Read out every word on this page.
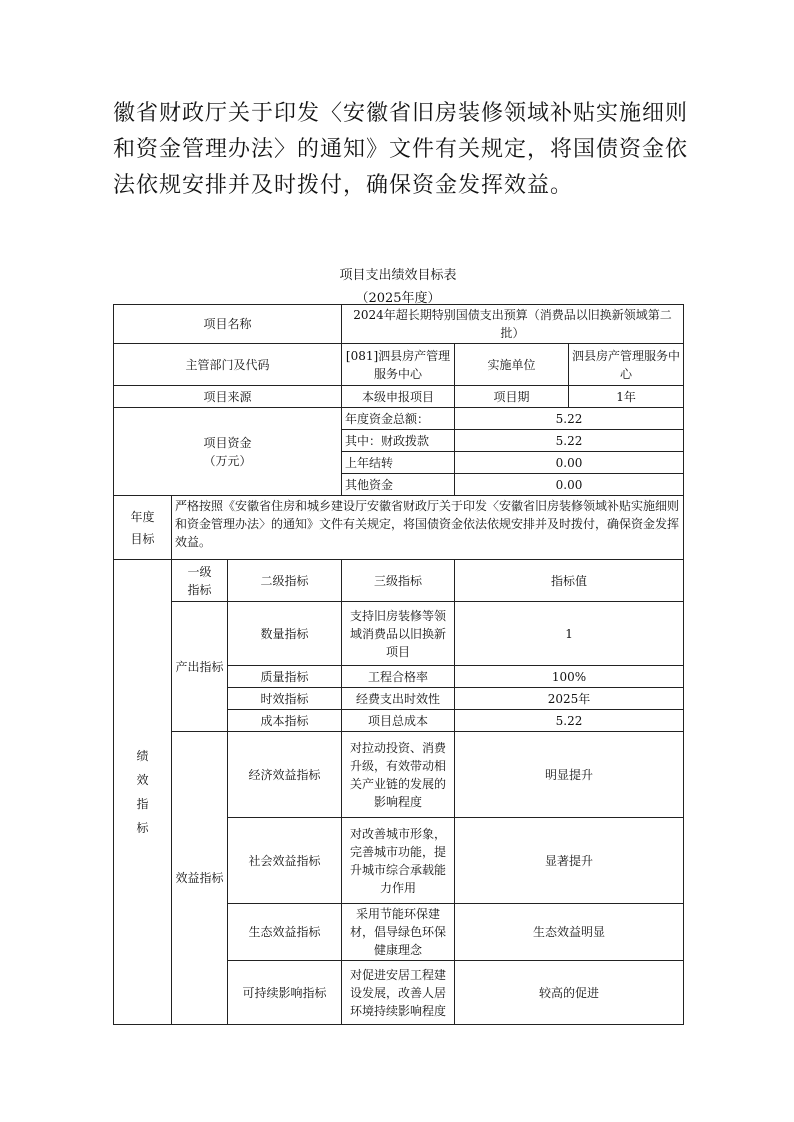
徽省财政厅关于印发〈安徽省旧房装修领域补贴实施细则和资金管理办法〉的通知》文件有关规定，将国债资金依法依规安排并及时拨付，确保资金发挥效益。

项目支出绩效目标表
（2025年度）
项目名称			2024年超长期特别国债支出预算（消费品以旧换新领域第二批）		
主管部门及代码			[081]泗县房产管理服务中心	实施单位	泗县房产管理服务中心
项目来源			本级申报项目	项目期	1年

项目资金
（万元）			年度资金总额：	5.22	
			其中：财政拨款	5.22	
			上年结转	0.00	
			其他资金	0.00	

年度目标	严格按照《安徽省住房和城乡建设厅安徽省财政厅关于印发〈安徽省旧房装修领域补贴实施细则和资金管理办法〉的通知》文件有关规定，将国债资金依法依规安排并及时拨付，确保资金发挥效益。				

绩效指标	一级指标	二级指标	三级指标	指标值	
	产出指标	数量指标	支持旧房装修等领域消费品以旧换新项目	1	
		质量指标	工程合格率	100%	
		时效指标	经费支出时效性	2025年	
		成本指标	项目总成本	5.22	
	效益指标	经济效益指标	对拉动投资、消费升级，有效带动相关产业链的发展的影响程度	明显提升	
		社会效益指标	对改善城市形象，完善城市功能，提升城市综合承载能力作用	显著提升	
		生态效益指标	采用节能环保建材，倡导绿色环保健康理念	生态效益明显	
		可持续影响指标	对促进安居工程建设发展，改善人居环境持续影响程度	较高的促进	
